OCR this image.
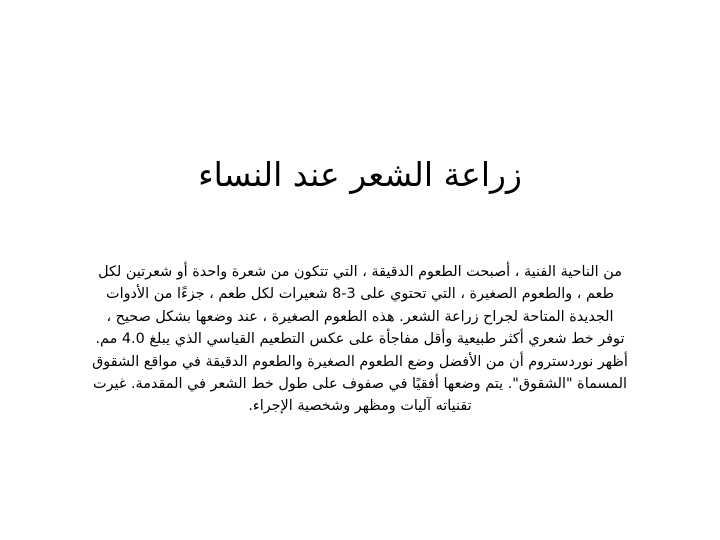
زراعة الشعر عند النساء

من الناحية الفنية ، أصبحت الطعوم الدقيقة ، التي تتكون من شعرة واحدة أو شعرتين لكل
طعم ، والطعوم الصغيرة ، التي تحتوي على 3-8 شعيرات لكل طعم ، جزءًا من الأدوات
الجديدة المتاحة لجراح زراعة الشعر. هذه الطعوم الصغيرة ، عند وضعها بشكل صحيح ،
توفر خط شعري أكثر طبيعية وأقل مفاجأة على عكس التطعيم القياسي الذي يبلغ 4.0 مم.
أظهر نوردستروم أن من الأفضل وضع الطعوم الصغيرة والطعوم الدقيقة في مواقع الشقوق
المسماة "الشقوق". يتم وضعها أفقيًا في صفوف على طول خط الشعر في المقدمة. غيرت
تقنياته آليات ومظهر وشخصية الإجراء.
